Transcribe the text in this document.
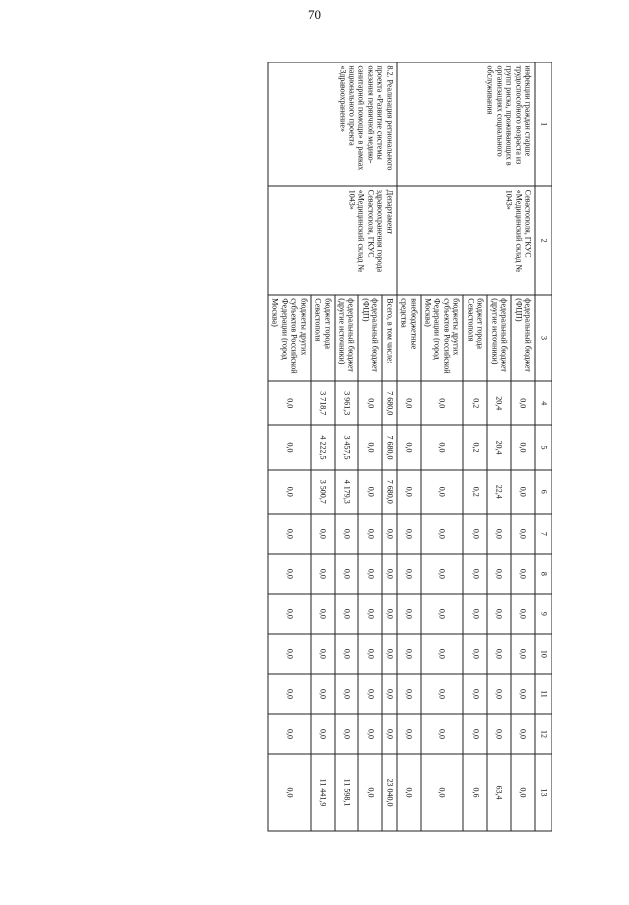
70
1	2	3	4	5	6	7	8	9	10	11	12	13
инфекции граждан старше трудоспособного возраста из групп риска, проживающих в организациях социального обслуживания	Севастополя, ГКУС «Медицинский склад № 1043»	федеральный бюджет (ФЦП)	0,0	0,0	0,0	0,0	0,0	0,0	0,0	0,0	0,0	0,0
		федеральный бюджет (другие источники)	20,4	20,4	22,4	0,0	0,0	0,0	0,0	0,0	0,0	63,4
		бюджет города Севастополя	0,2	0,2	0,2	0,0	0,0	0,0	0,0	0,0	0,0	0,6
		бюджеты других субъектов Российской Федерации (город Москва)	0,0	0,0	0,0	0,0	0,0	0,0	0,0	0,0	0,0	0,0
		внебюджетные средства	0,0	0,0	0,0	0,0	0,0	0,0	0,0	0,0	0,0	0,0
8.2. Реализация регионального проекта «Развитие системы оказания первичной медико-санитарной помощи» в рамках национального проекта «Здравоохранение»	Департамент здравоохранения города Севастополя, ГКУС «Медицинский склад № 1043»	Всего, в том числе:	7 680,0	7 680,0	7 680,0	0,0	0,0	0,0	0,0	0,0	0,0	23 040,0
		федеральный бюджет (ФЦП)	0,0	0,0	0,0	0,0	0,0	0,0	0,0	0,0	0,0	0,0
		федеральный бюджет (другие источники)	3 961,3	3 457,5	4 179,3	0,0	0,0	0,0	0,0	0,0	0,0	11 598,1
		бюджет города Севастополя	3 718,7	4 222,5	3 500,7	0,0	0,0	0,0	0,0	0,0	0,0	11 441,9
		бюджеты других субъектов Российской Федерации (город Москва)	0,0	0,0	0,0	0,0	0,0	0,0	0,0	0,0	0,0	0,0
